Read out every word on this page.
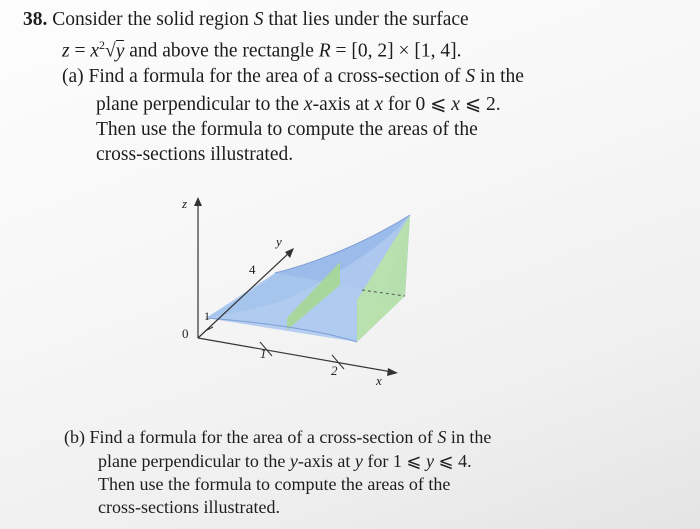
38. Consider the solid region S that lies under the surface
$z = x^2√y$ and above the rectangle R = [0, 2] × [1, 4].
(a) Find a formula for the area of a cross-section of S in the
plane perpendicular to the x-axis at x for 0 ⩽ x ⩽ 2.
Then use the formula to compute the areas of the
cross-sections illustrated.
z
y
x
0
1
4
1
2
(b) Find a formula for the area of a cross-section of S in the
plane perpendicular to the y-axis at y for 1 ⩽ y ⩽ 4.
Then use the formula to compute the areas of the
cross-sections illustrated.
